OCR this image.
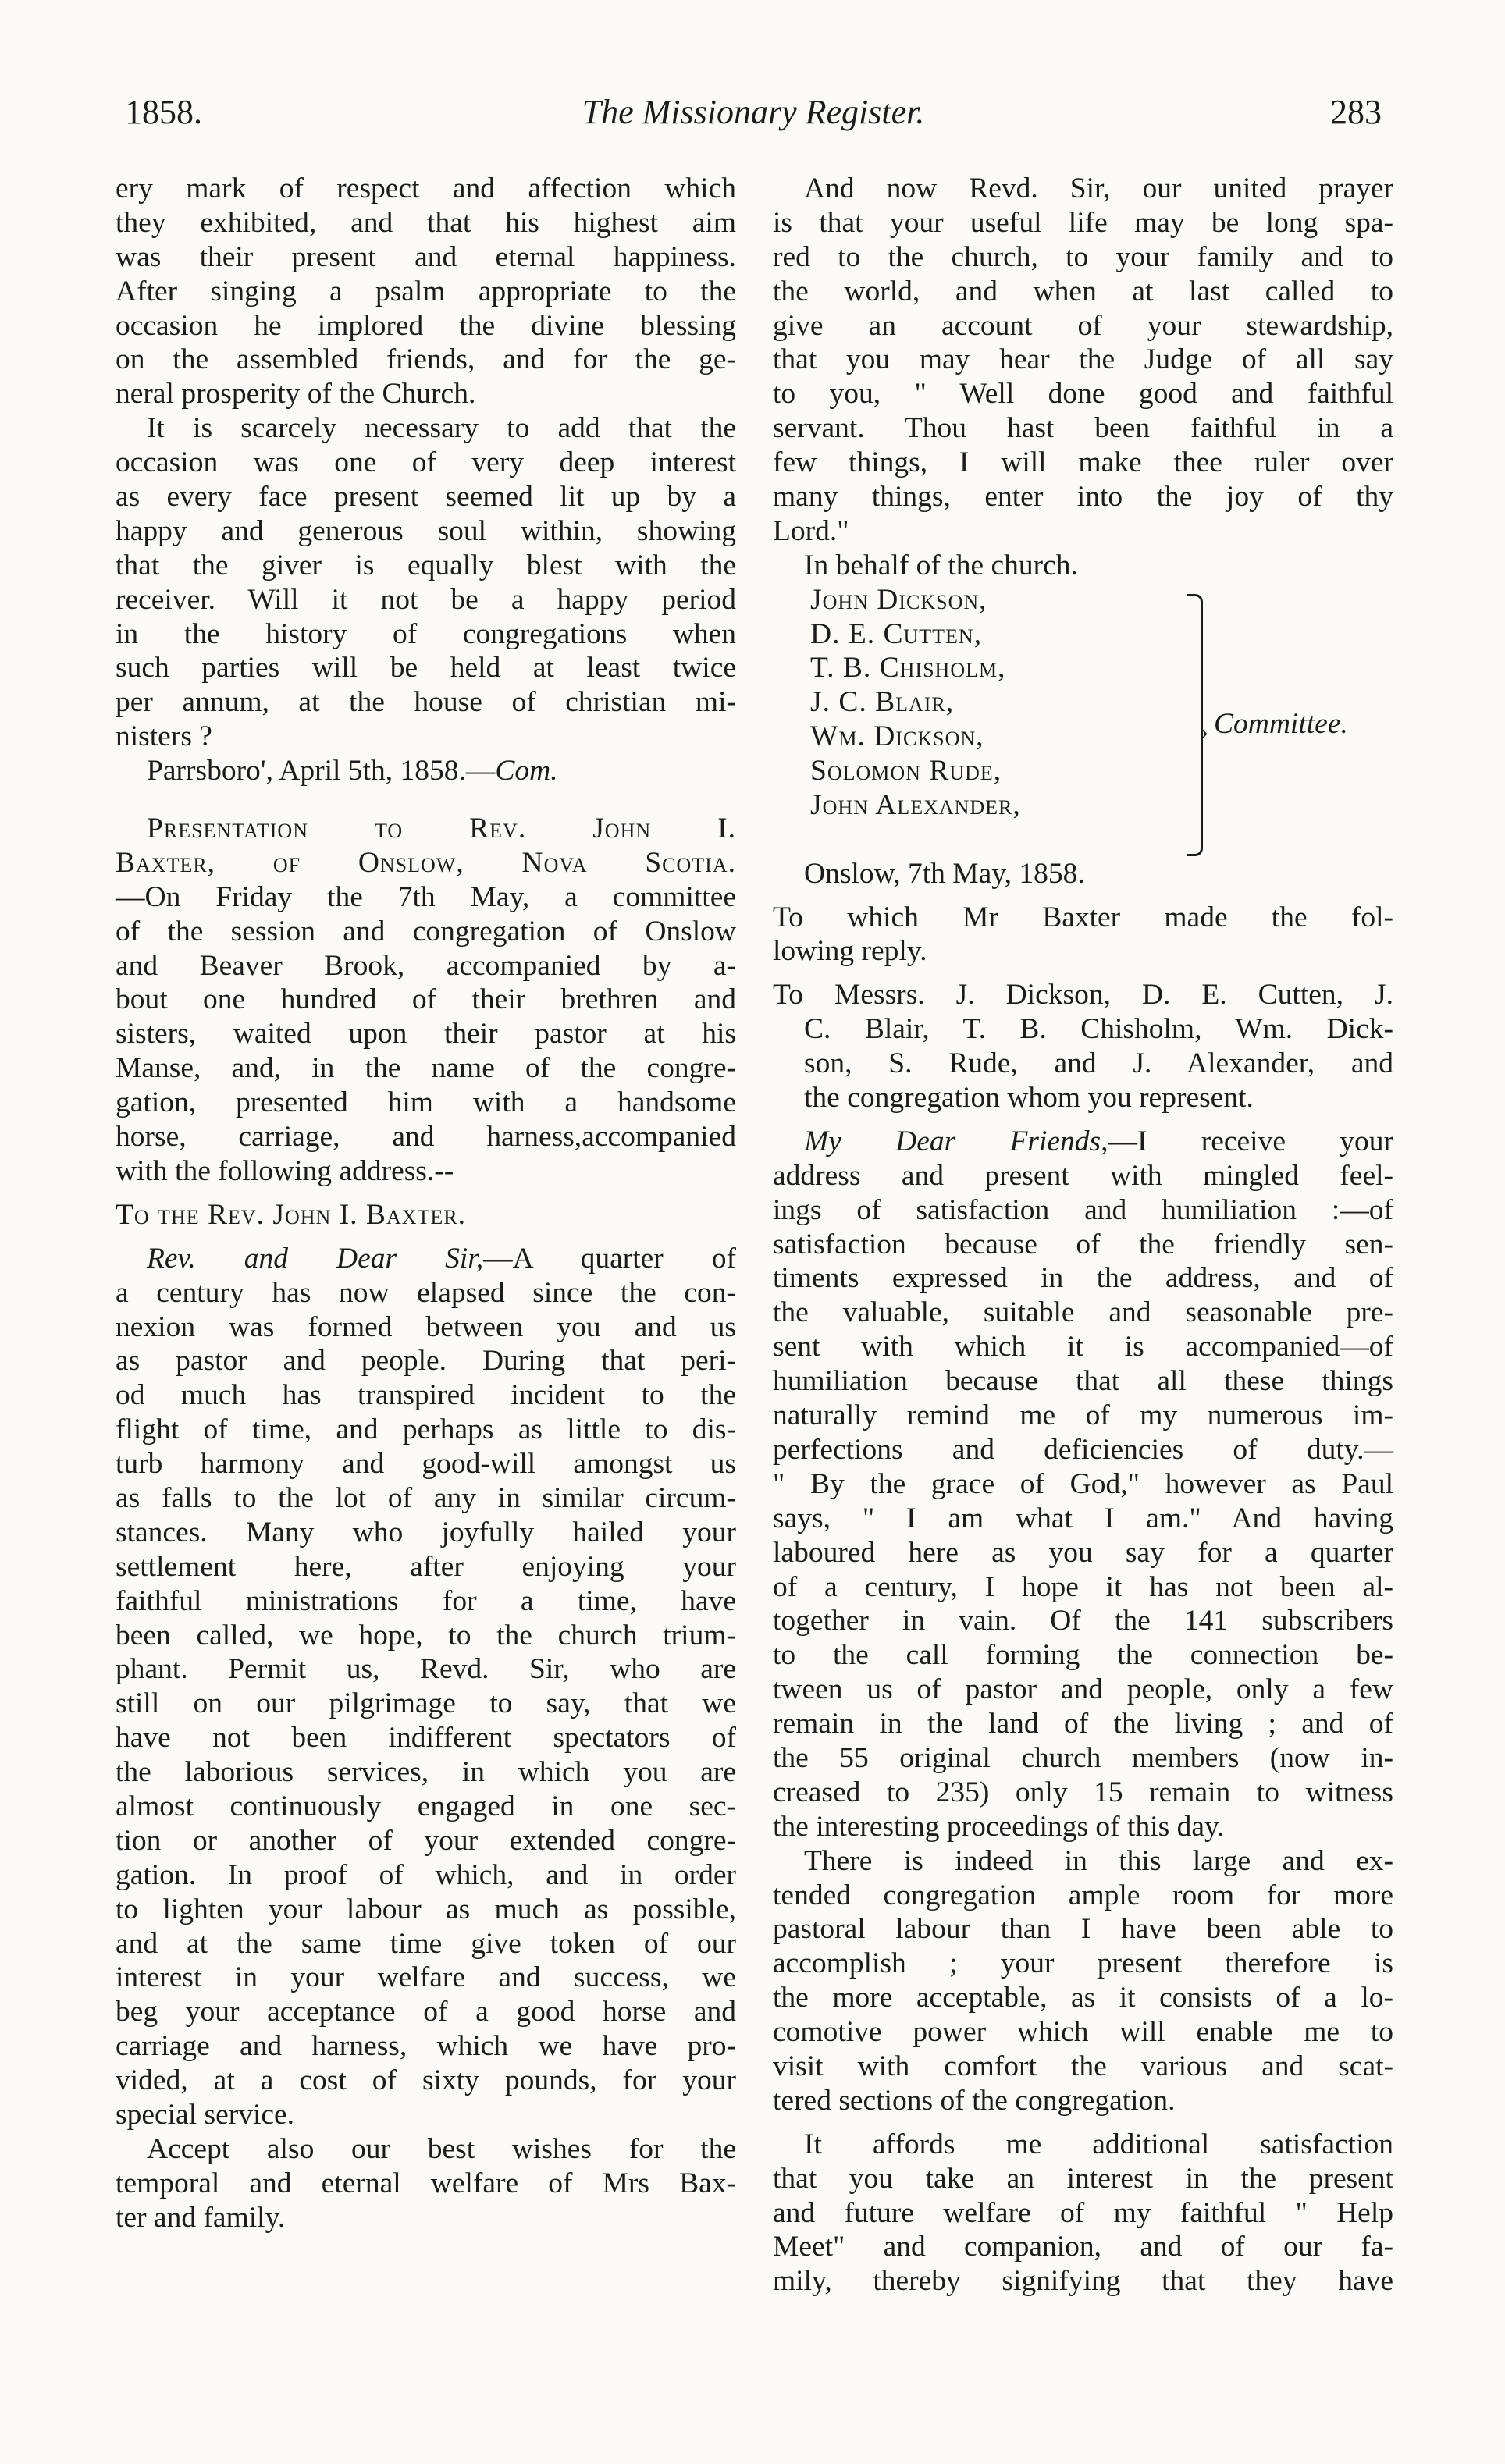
1858.	The Missionary Register.	283
ery mark of respect and affection which
they exhibited, and that his highest aim
was their present and eternal happiness.
After singing a psalm appropriate to the
occasion he implored the divine blessing
on the assembled friends, and for the ge-
neral prosperity of the Church.
It is scarcely necessary to add that the
occasion was one of very deep interest
as every face present seemed lit up by a
happy and generous soul within, showing
that the giver is equally blest with the
receiver. Will it not be a happy period
in the history of congregations when
such parties will be held at least twice
per annum, at the house of christian mi-
nisters ?
Parrsboro', April 5th, 1858.—Com.
Presentation to Rev. John I.
Baxter, of Onslow, Nova Scotia.
—On Friday the 7th May, a committee
of the session and congregation of Onslow
and Beaver Brook, accompanied by a-
bout one hundred of their brethren and
sisters, waited upon their pastor at his
Manse, and, in the name of the congre-
gation, presented him with a handsome
horse, carriage, and harness,accompanied
with the following address.--
To the Rev. John I. Baxter.
Rev. and Dear Sir,—A quarter of
a century has now elapsed since the con-
nexion was formed between you and us
as pastor and people. During that peri-
od much has transpired incident to the
flight of time, and perhaps as little to dis-
turb harmony and good-will amongst us
as falls to the lot of any in similar circum-
stances. Many who joyfully hailed your
settlement here, after enjoying your
faithful ministrations for a time, have
been called, we hope, to the church trium-
phant. Permit us, Revd. Sir, who are
still on our pilgrimage to say, that we
have not been indifferent spectators of
the laborious services, in which you are
almost continuously engaged in one sec-
tion or another of your extended congre-
gation. In proof of which, and in order
to lighten your labour as much as possible,
and at the same time give token of our
interest in your welfare and success, we
beg your acceptance of a good horse and
carriage and harness, which we have pro-
vided, at a cost of sixty pounds, for your
special service.
Accept also our best wishes for the
temporal and eternal welfare of Mrs Bax-
ter and family.
And now Revd. Sir, our united prayer
is that your useful life may be long spa-
red to the church, to your family and to
the world, and when at last called to
give an account of your stewardship,
that you may hear the Judge of all say
to you, " Well done good and faithful
servant. Thou hast been faithful in a
few things, I will make thee ruler over
many things, enter into the joy of thy
Lord."
In behalf of the church.
John Dickson,
D. E. Cutten,
T. B. Chisholm,
J. C. Blair,
Wm. Dickson,
Solomon Rude,
John Alexander,
› Committee.
Onslow, 7th May, 1858.
To which Mr Baxter made the fol-
lowing reply.
To Messrs. J. Dickson, D. E. Cutten, J.
C. Blair, T. B. Chisholm, Wm. Dick-
son, S. Rude, and J. Alexander, and
the congregation whom you represent.
My Dear Friends,—I receive your
address and present with mingled feel-
ings of satisfaction and humiliation :—of
satisfaction because of the friendly sen-
timents expressed in the address, and of
the valuable, suitable and seasonable pre-
sent with which it is accompanied—of
humiliation because that all these things
naturally remind me of my numerous im-
perfections and deficiencies of duty.—
" By the grace of God," however as Paul
says, " I am what I am." And having
laboured here as you say for a quarter
of a century, I hope it has not been al-
together in vain. Of the 141 subscribers
to the call forming the connection be-
tween us of pastor and people, only a few
remain in the land of the living ; and of
the 55 original church members (now in-
creased to 235) only 15 remain to witness
the interesting proceedings of this day.
There is indeed in this large and ex-
tended congregation ample room for more
pastoral labour than I have been able to
accomplish ; your present therefore is
the more acceptable, as it consists of a lo-
comotive power which will enable me to
visit with comfort the various and scat-
tered sections of the congregation.
It affords me additional satisfaction
that you take an interest in the present
and future welfare of my faithful " Help
Meet" and companion, and of our fa-
mily, thereby signifying that they have
